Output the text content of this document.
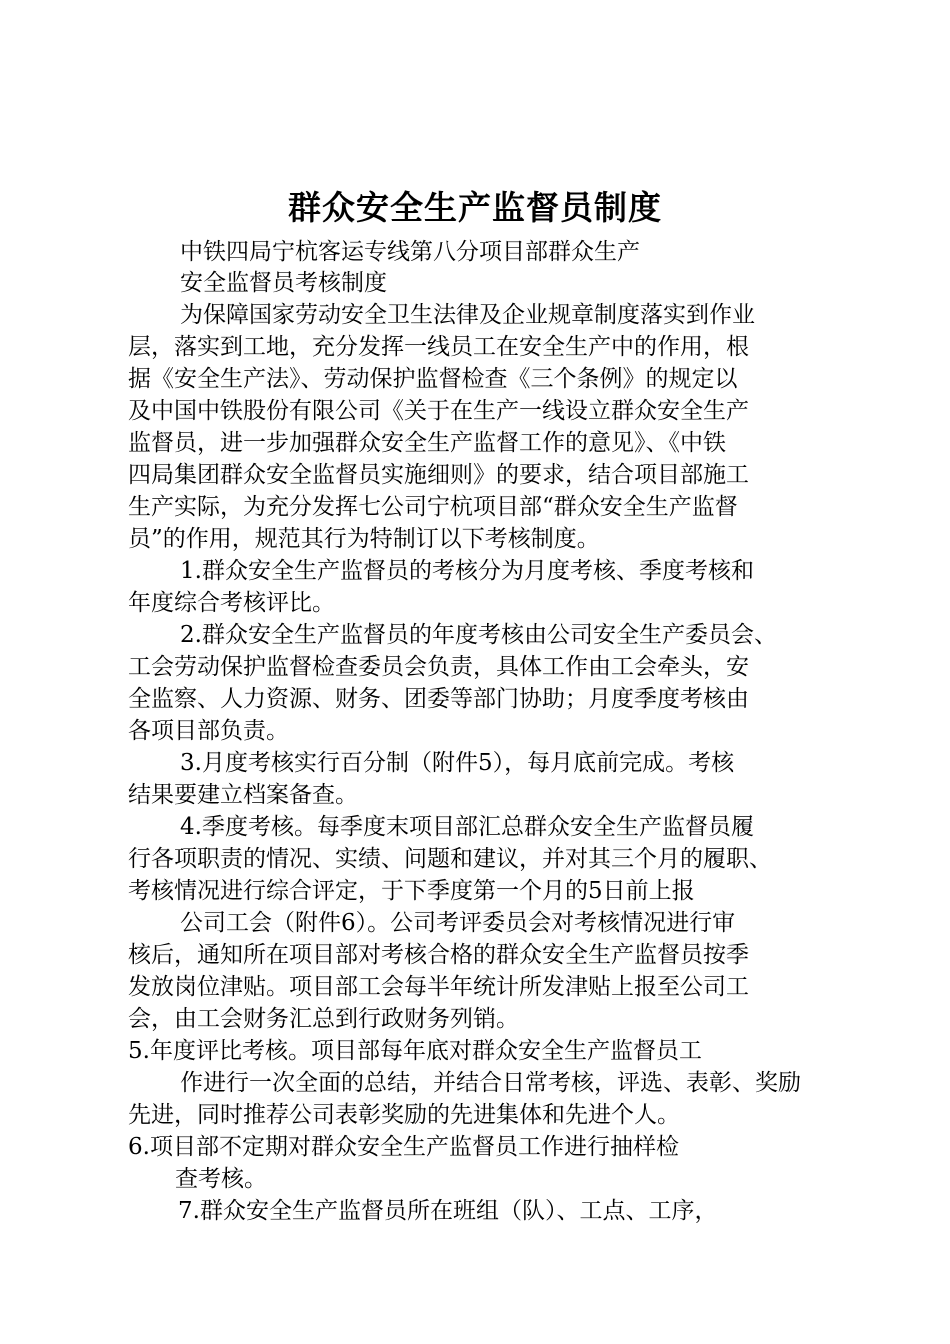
群众安全生产监督员制度
中铁四局宁杭客运专线第八分项目部群众生产
安全监督员考核制度
为保障国家劳动安全卫生法律及企业规章制度落实到作业
层，落实到工地，充分发挥一线员工在安全生产中的作用，根
据《安全生产法》、劳动保护监督检查《三个条例》的规定以
及中国中铁股份有限公司《关于在生产一线设立群众安全生产
监督员，进一步加强群众安全生产监督工作的意见》、《中铁
四局集团群众安全监督员实施细则》的要求，结合项目部施工
生产实际，为充分发挥七公司宁杭项目部“群众安全生产监督
员”的作用，规范其行为特制订以下考核制度。
1.群众安全生产监督员的考核分为月度考核、季度考核和
年度综合考核评比。
2.群众安全生产监督员的年度考核由公司安全生产委员会、
工会劳动保护监督检查委员会负责，具体工作由工会牵头，安
全监察、人力资源、财务、团委等部门协助；月度季度考核由
各项目部负责。
3.月度考核实行百分制（附件5），每月底前完成。考核
结果要建立档案备查。
4.季度考核。每季度末项目部汇总群众安全生产监督员履
行各项职责的情况、实绩、问题和建议，并对其三个月的履职、
考核情况进行综合评定，于下季度第一个月的5日前上报
公司工会（附件6）。公司考评委员会对考核情况进行审
核后，通知所在项目部对考核合格的群众安全生产监督员按季
发放岗位津贴。项目部工会每半年统计所发津贴上报至公司工
会，由工会财务汇总到行政财务列销。
5.年度评比考核。项目部每年底对群众安全生产监督员工
作进行一次全面的总结，并结合日常考核，评选、表彰、奖励
先进，同时推荐公司表彰奖励的先进集体和先进个人。
6.项目部不定期对群众安全生产监督员工作进行抽样检
查考核。
7.群众安全生产监督员所在班组（队）、工点、工序，
